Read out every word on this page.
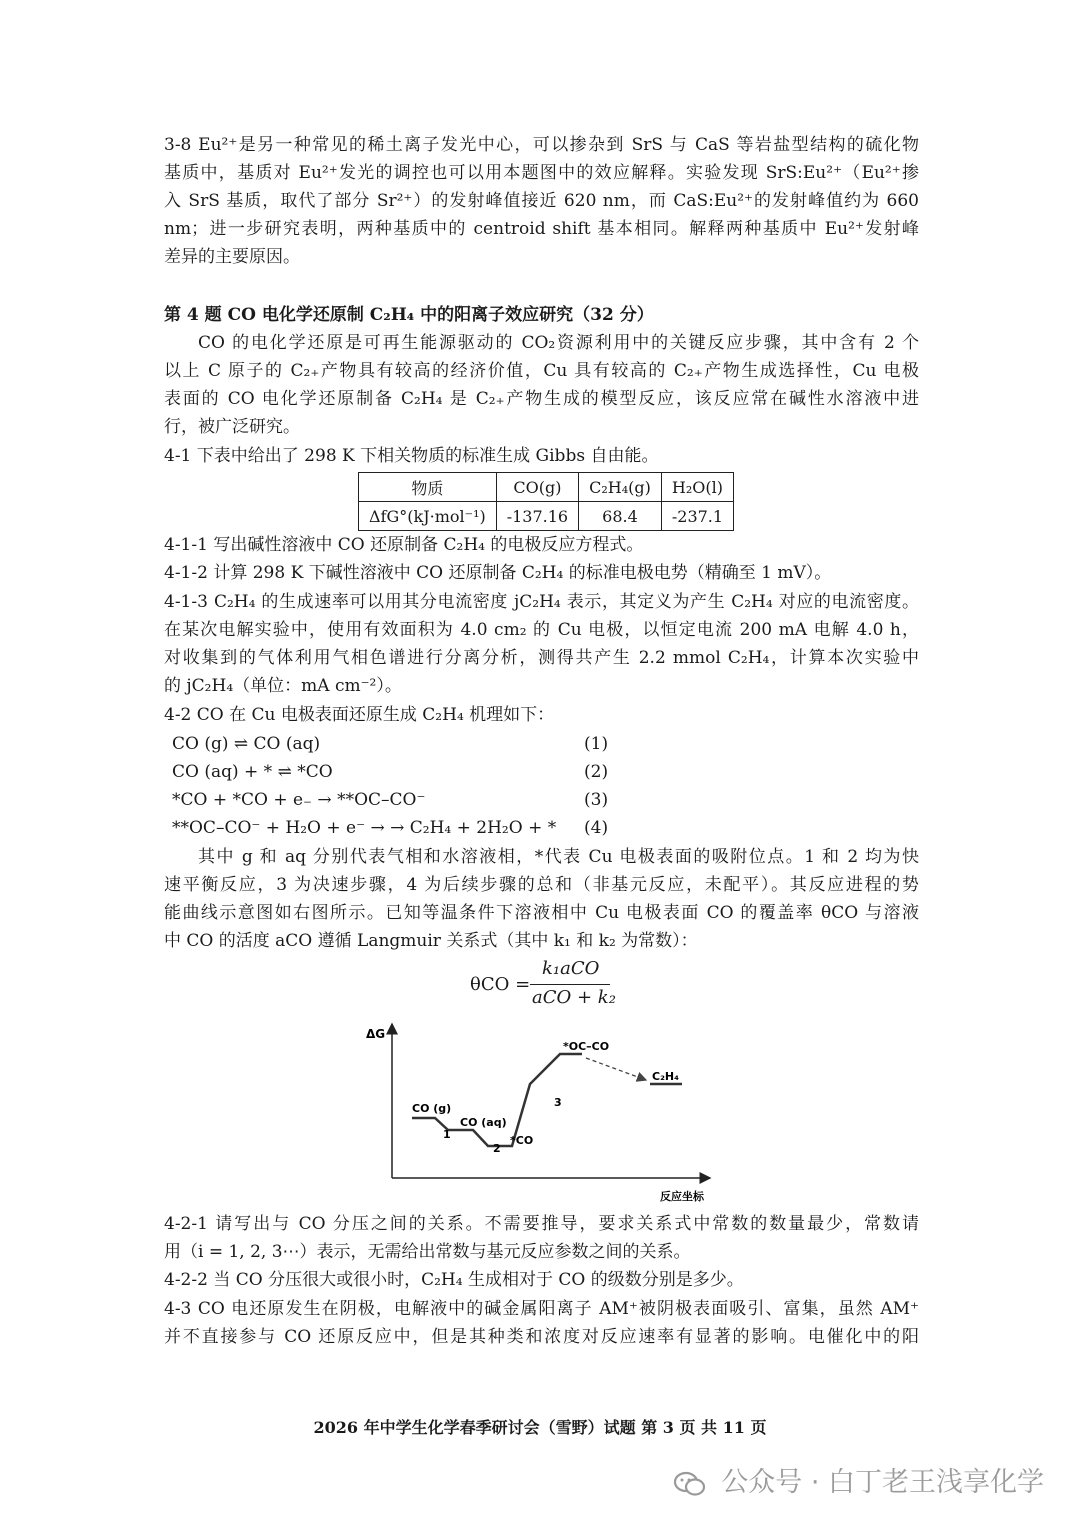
3-8 Eu²⁺是另一种常见的稀土离子发光中心，可以掺杂到 SrS 与 CaS 等岩盐型结构的硫化物
基质中，基质对 Eu²⁺发光的调控也可以用本题图中的效应解释。实验发现 SrS:Eu²⁺（Eu²⁺掺
入 SrS 基质，取代了部分 Sr²⁺）的发射峰值接近 620 nm，而 CaS:Eu²⁺的发射峰值约为 660
nm；进一步研究表明，两种基质中的 centroid shift 基本相同。解释两种基质中 Eu²⁺发射峰
差异的主要原因。
第 4 题 CO 电化学还原制 C₂H₄ 中的阳离子效应研究（32 分）
CO 的电化学还原是可再生能源驱动的 CO₂资源利用中的关键反应步骤，其中含有 2 个
以上 C 原子的 C₂₊产物具有较高的经济价值，Cu 具有较高的 C₂₊产物生成选择性，Cu 电极
表面的 CO 电化学还原制备 C₂H₄ 是 C₂₊产物生成的模型反应，该反应常在碱性水溶液中进
行，被广泛研究。
4-1 下表中给出了 298 K 下相关物质的标准生成 Gibbs 自由能。
物质	CO(g)	C₂H₄(g)	H₂O(l)
ΔfG°(kJ·mol⁻¹)	-137.16	68.4	-237.1
4-1-1 写出碱性溶液中 CO 还原制备 C₂H₄ 的电极反应方程式。
4-1-2 计算 298 K 下碱性溶液中 CO 还原制备 C₂H₄ 的标准电极电势（精确至 1 mV）。
4-1-3 C₂H₄ 的生成速率可以用其分电流密度 jC₂H₄ 表示，其定义为产生 C₂H₄ 对应的电流密度。
在某次电解实验中，使用有效面积为 4.0 cm₂ 的 Cu 电极，以恒定电流 200 mA 电解 4.0 h，
对收集到的气体利用气相色谱进行分离分析，测得共产生 2.2 mmol C₂H₄，计算本次实验中
的 jC₂H₄（单位：mA cm⁻²）。
4-2 CO 在 Cu 电极表面还原生成 C₂H₄ 机理如下：
CO (g) ⇌ CO (aq)	(1)
CO (aq) + * ⇌ *CO	(2)
*CO + *CO + e₋ → **OC–CO⁻	(3)
**OC–CO⁻ + H₂O + e⁻ → → C₂H₄ + 2H₂O + * (4)
其中 g 和 aq 分别代表气相和水溶液相，*代表 Cu 电极表面的吸附位点。1 和 2 均为快
速平衡反应，3 为决速步骤，4 为后续步骤的总和（非基元反应，未配平）。其反应进程的势
能曲线示意图如右图所示。已知等温条件下溶液相中 Cu 电极表面 CO 的覆盖率 θCO 与溶液
中 CO 的活度 aCO 遵循 Langmuir 关系式（其中 k₁ 和 k₂ 为常数）：
θCO =
k₁aCO
aCO + k₂
ΔG
反应坐标
CO (g)
CO (aq)
*CO
*OC–CO
C₂H₄
1
2
3
4-2-1 请写出与 CO 分压之间的关系。不需要推导，要求关系式中常数的数量最少，常数请
用（i = 1, 2, 3⋯）表示，无需给出常数与基元反应参数之间的关系。
4-2-2 当 CO 分压很大或很小时，C₂H₄ 生成相对于 CO 的级数分别是多少。
4-3 CO 电还原发生在阴极，电解液中的碱金属阳离子 AM⁺被阴极表面吸引、富集，虽然 AM⁺
并不直接参与 CO 还原反应中，但是其种类和浓度对反应速率有显著的影响。电催化中的阳
2026 年中学生化学春季研讨会（雪野）试题 第 3 页 共 11 页
公众号 · 白丁老王浅享化学
